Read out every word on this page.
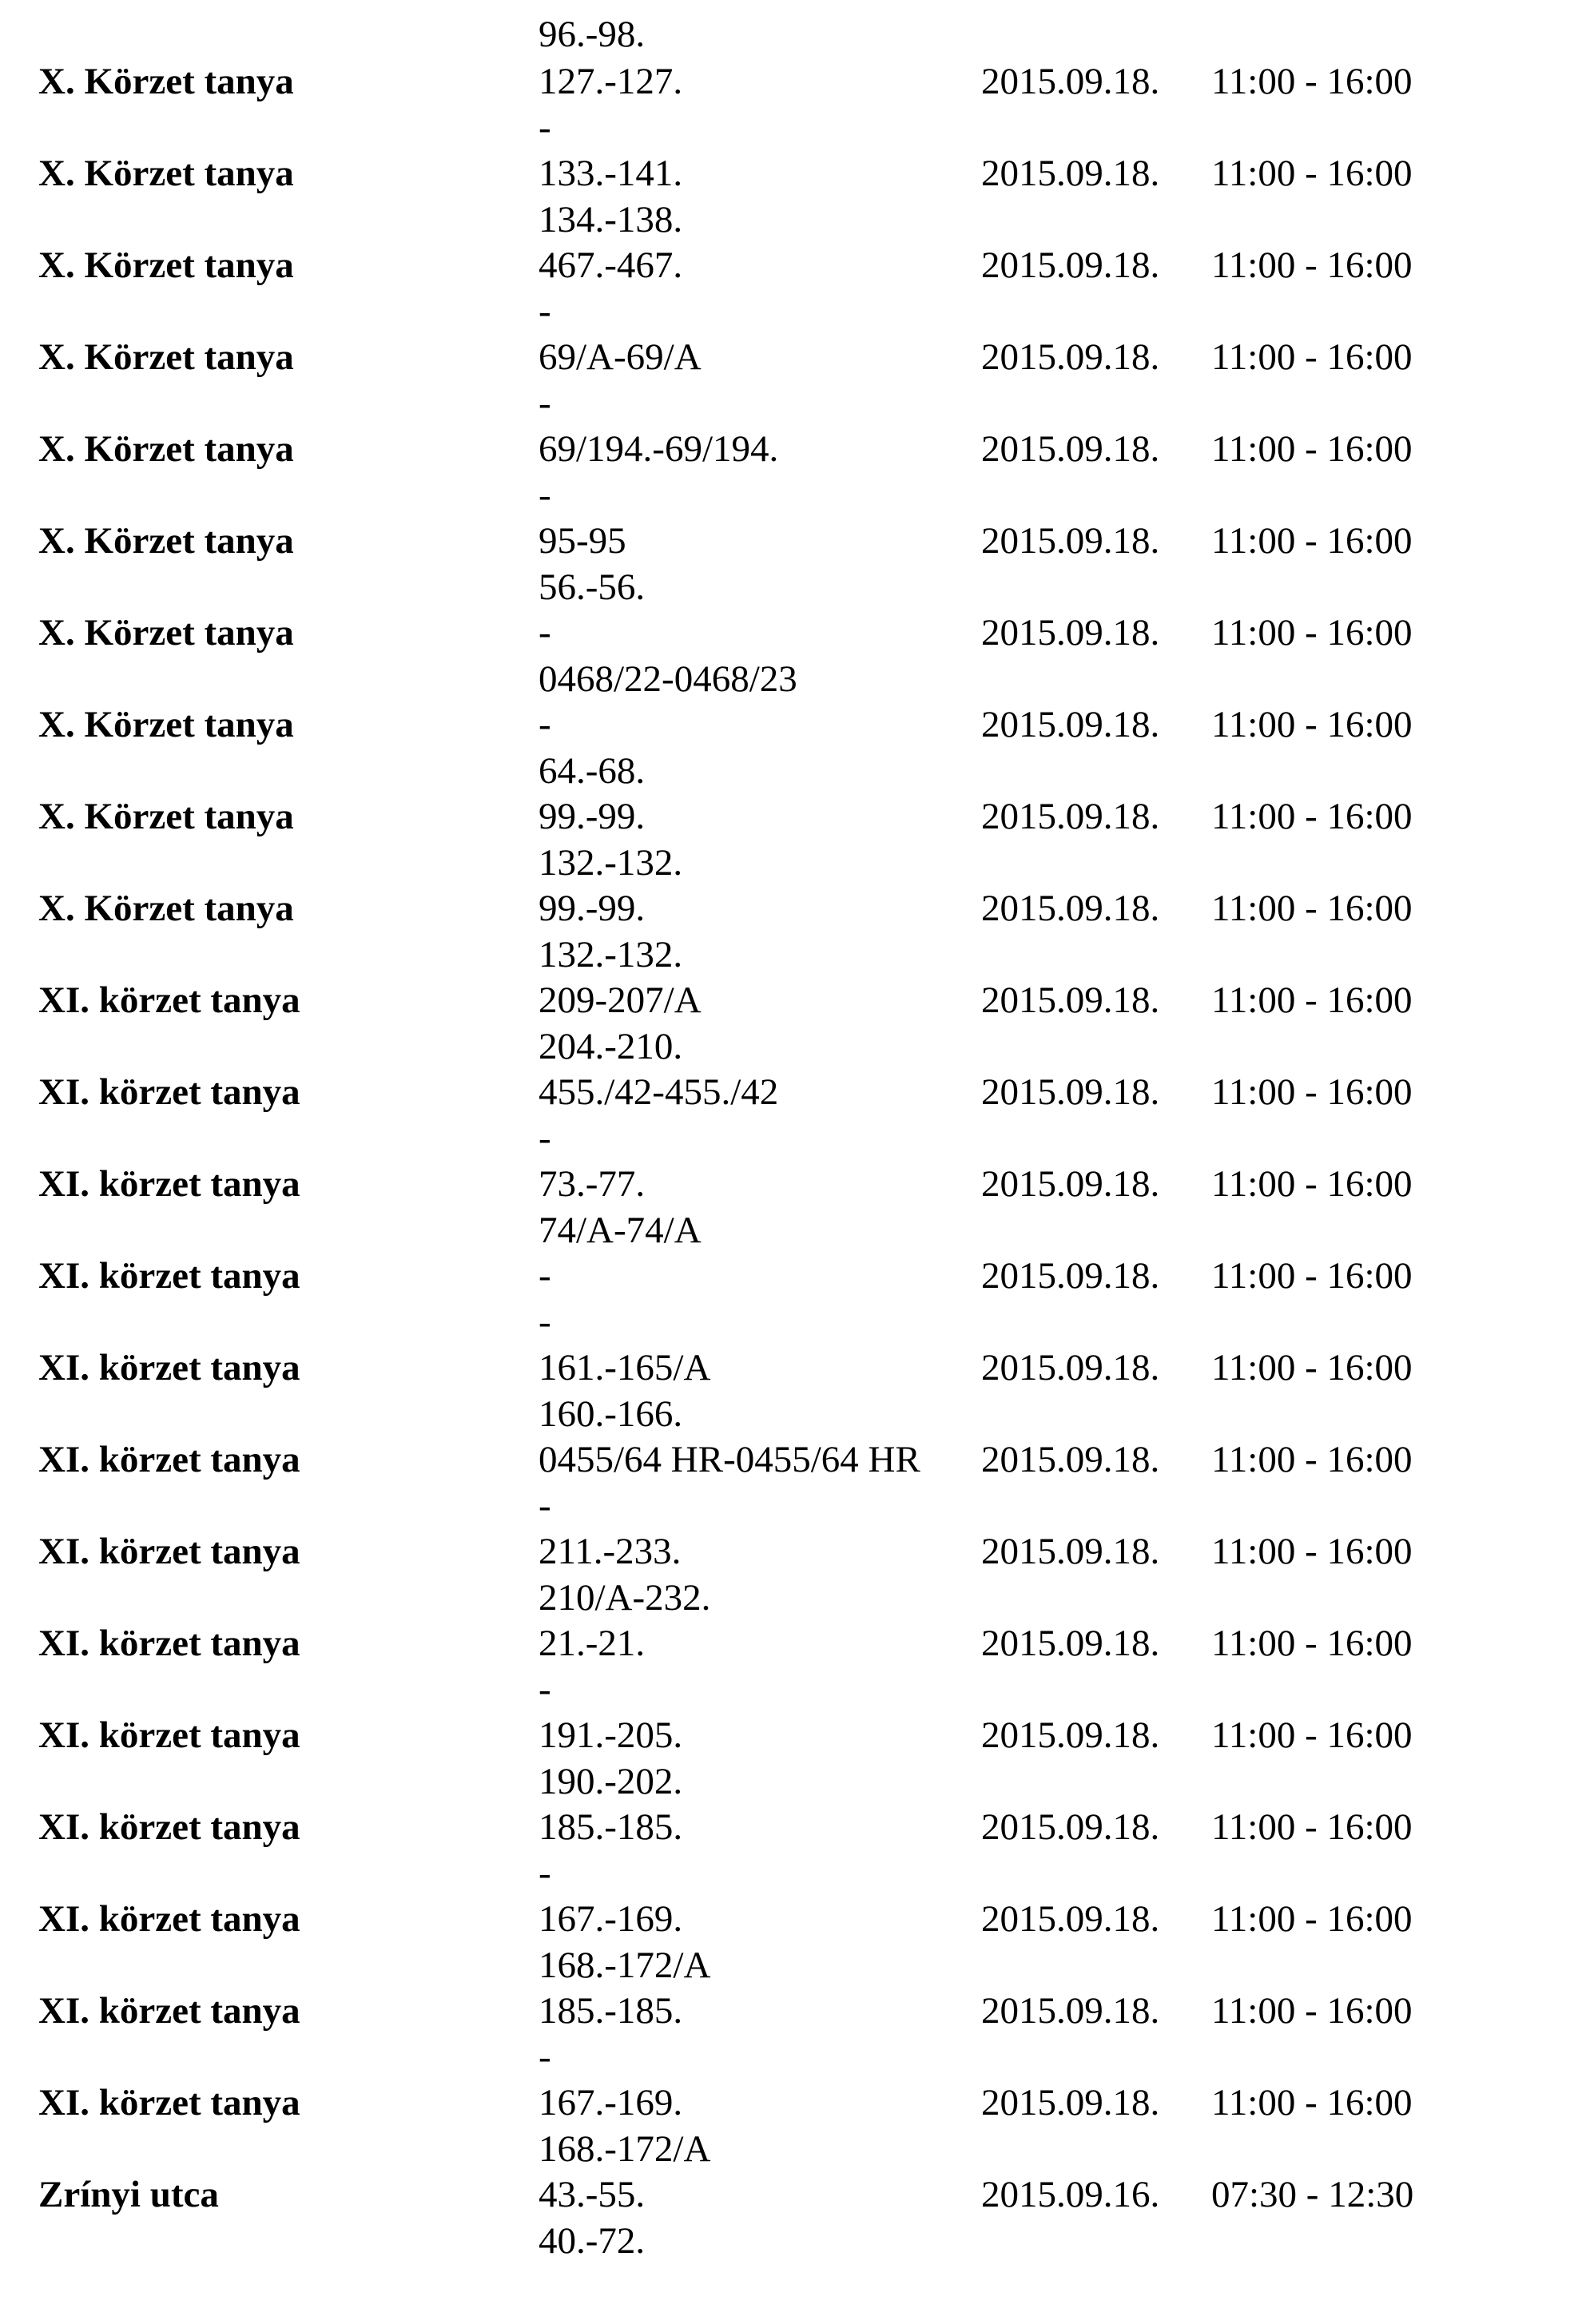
96.-98.
X. Körzet tanya	127.-127.
-
2015.09.18. 11:00 - 16:00
X. Körzet tanya	133.-141.
134.-138.
2015.09.18. 11:00 - 16:00
X. Körzet tanya	467.-467.
-
2015.09.18. 11:00 - 16:00
X. Körzet tanya	69/A-69/A
-
2015.09.18. 11:00 - 16:00
X. Körzet tanya	69/194.-69/194.
-
2015.09.18. 11:00 - 16:00
X. Körzet tanya	95-95
56.-56.
2015.09.18. 11:00 - 16:00
X. Körzet tanya	-
0468/22-0468/23
2015.09.18. 11:00 - 16:00
X. Körzet tanya	-
64.-68.
2015.09.18. 11:00 - 16:00
X. Körzet tanya	99.-99.
132.-132.
2015.09.18. 11:00 - 16:00
X. Körzet tanya	99.-99.
132.-132.
2015.09.18. 11:00 - 16:00
XI. körzet tanya	209-207/A
204.-210.
2015.09.18. 11:00 - 16:00
XI. körzet tanya	455./42-455./42
-
2015.09.18. 11:00 - 16:00
XI. körzet tanya	73.-77.
74/A-74/A
2015.09.18. 11:00 - 16:00
XI. körzet tanya	-
-
2015.09.18. 11:00 - 16:00
XI. körzet tanya	161.-165/A
160.-166.
2015.09.18. 11:00 - 16:00
XI. körzet tanya	0455/64 HR-0455/64 HR
-
2015.09.18. 11:00 - 16:00
XI. körzet tanya	211.-233.
210/A-232.
2015.09.18. 11:00 - 16:00
XI. körzet tanya	21.-21.
-
2015.09.18. 11:00 - 16:00
XI. körzet tanya	191.-205.
190.-202.
2015.09.18. 11:00 - 16:00
XI. körzet tanya	185.-185.
-
2015.09.18. 11:00 - 16:00
XI. körzet tanya	167.-169.
168.-172/A
2015.09.18. 11:00 - 16:00
XI. körzet tanya	185.-185.
-
2015.09.18. 11:00 - 16:00
XI. körzet tanya	167.-169.
168.-172/A
2015.09.18. 11:00 - 16:00
Zrínyi utca	43.-55.
40.-72.
2015.09.16. 07:30 - 12:30
